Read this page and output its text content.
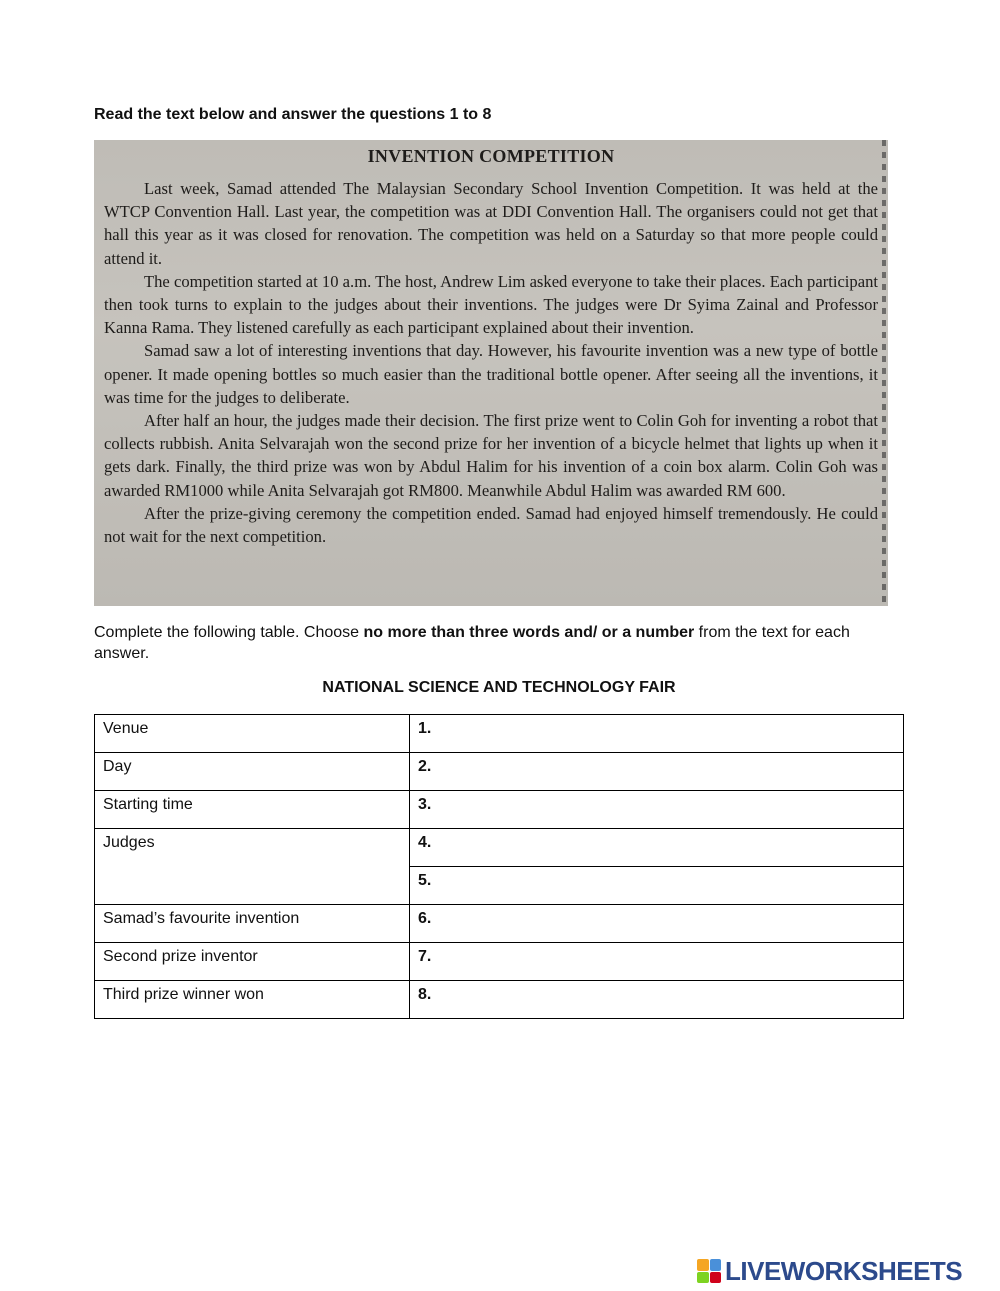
Read the text below and answer the questions 1 to 8
INVENTION COMPETITION

Last week, Samad attended The Malaysian Secondary School Invention Competition. It was held at the WTCP Convention Hall. Last year, the competition was at DDI Convention Hall. The organisers could not get that hall this year as it was closed for renovation. The competition was held on a Saturday so that more people could attend it.

The competition started at 10 a.m. The host, Andrew Lim asked everyone to take their places. Each participant then took turns to explain to the judges about their inventions. The judges were Dr Syima Zainal and Professor Kanna Rama. They listened carefully as each participant explained about their invention.

Samad saw a lot of interesting inventions that day. However, his favourite invention was a new type of bottle opener. It made opening bottles so much easier than the traditional bottle opener. After seeing all the inventions, it was time for the judges to deliberate.

After half an hour, the judges made their decision. The first prize went to Colin Goh for inventing a robot that collects rubbish. Anita Selvarajah won the second prize for her invention of a bicycle helmet that lights up when it gets dark. Finally, the third prize was won by Abdul Halim for his invention of a coin box alarm. Colin Goh was awarded RM1000 while Anita Selvarajah got RM800. Meanwhile Abdul Halim was awarded RM 600.

After the prize-giving ceremony the competition ended. Samad had enjoyed himself tremendously. He could not wait for the next competition.

Complete the following table. Choose no more than three words and/ or a number from the text for each answer.
NATIONAL SCIENCE AND TECHNOLOGY FAIR
Venue	1.
Day	2.
Starting time	3.
Judges	4.
	5.
Samad’s favourite invention	6.
Second prize inventor	7.
Third prize winner won	8.
LIVEWORKSHEETS
